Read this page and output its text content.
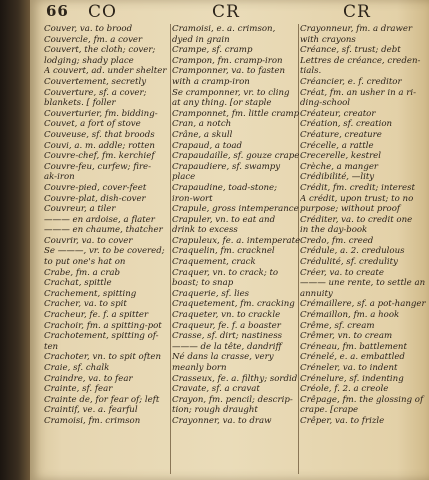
66 CO	CR	CR
Couver, va. to brood
Couvercle, fm. a cover
Couvert, the cloth; cover;
lodging; shady place
A couvert, ad. under shelter
Couvertement, secretly
Couverture, sf. a cover;
blankets. [ foller
Couverturier, fm. bidding-
Couvet, a fort of stove
Couveuse, sf. that broods
Couvi, a. m. addle; rotten
Couvre-chef, fm. kerchief
Couvre-feu, curfew; fire-
ak-iron
Couvre-pied, cover-feet
Couvre-plat, dish-cover
Couvreur, a tiler
——— en ardoise, a flater
——— en chaume, thatcher
Couvrir, va. to cover
Se ———, vr. to be covered;
to put one's hat on
Crabe, fm. a crab
Crachat, spittle
Crachement, spitting
Cracher, va. to spit
Cracheur, fe. f. a spitter
Crachoir, fm. a spitting-pot
Crachotement, spitting of-
ten
Crachoter, vn. to spit often
Craie, sf. chalk
Craindre, va. to fear
Crainte, sf. fear
Crainte de, for fear of; left
Craintif, ve. a. fearful
Cramoisi, fm. crimson
Cramoisi, e. a. crimson,
dyed in grain
Crampe, sf. cramp
Crampon, fm. cramp-iron
Cramponner, va. to fasten
with a cramp-iron
Se cramponner, vr. to cling
at any thing. [or staple
Cramponnet, fm. little cramp
Cran, a notch
Crâne, a skull
Crapaud, a toad
Crapaudaille, sf. gouze crape
Crapaudiere, sf. swampy
place
Crapaudine, toad-stone;
iron-wort
Crapule, gross intemperance
Crapuler, vn. to eat and
drink to excess
Crapuleux, fe. a. intemperate
Craquelin, fm. cracknel
Craquement, crack
Craquer, vn. to crack; to
boast; to snap
Craquerie, sf. lies
Craquetement, fm. cracking
Craqueter, vn. to crackle
Craqueur, fe. f. a boaster
Crasse, sf. dirt; nastiness
——— de la tête, dandriff
Né dans la crasse, very
meanly born
Crasseux, fe. a. filthy; sordid
Cravate, sf. a cravat
Crayon, fm. pencil; descrip-
tion; rough draught
Crayonner, va. to draw
Crayonneur, fm. a drawer
with crayons
Créance, sf. trust; debt
Lettres de créance, creden-
tials.
Créancier, e. f. creditor
Créat, fm. an usher in a ri-
ding-school
Créateur, creator
Création, sf. creation
Créature, creature
Crécelle, a rattle
Crecerelle, kestrel
Crèche, a manger
Crédibilité, —lity
Crédit, fm. credit; interest
A crédit, upon trust; to no
purpose; without proof
Créditer, va. to credit one
in the day-book
Credo, fm. creed
Crédule, a. 2. credulous
Crédulité, sf. credulity
Créer, va. to create
——— une rente, to settle an
annuity
Crémaillere, sf. a pot-hanger
Crémaillon, fm. a hook
Crême, sf. cream
Crêmer, vn. to cream
Créneau, fm. battlement
Crénelé, e. a. embattled
Créneler, va. to indent
Crénelure, sf. indenting
Créole, f. 2. a creole
Crêpage, fm. the glossing of
crape. [crape
Crêper, va. to frizle
